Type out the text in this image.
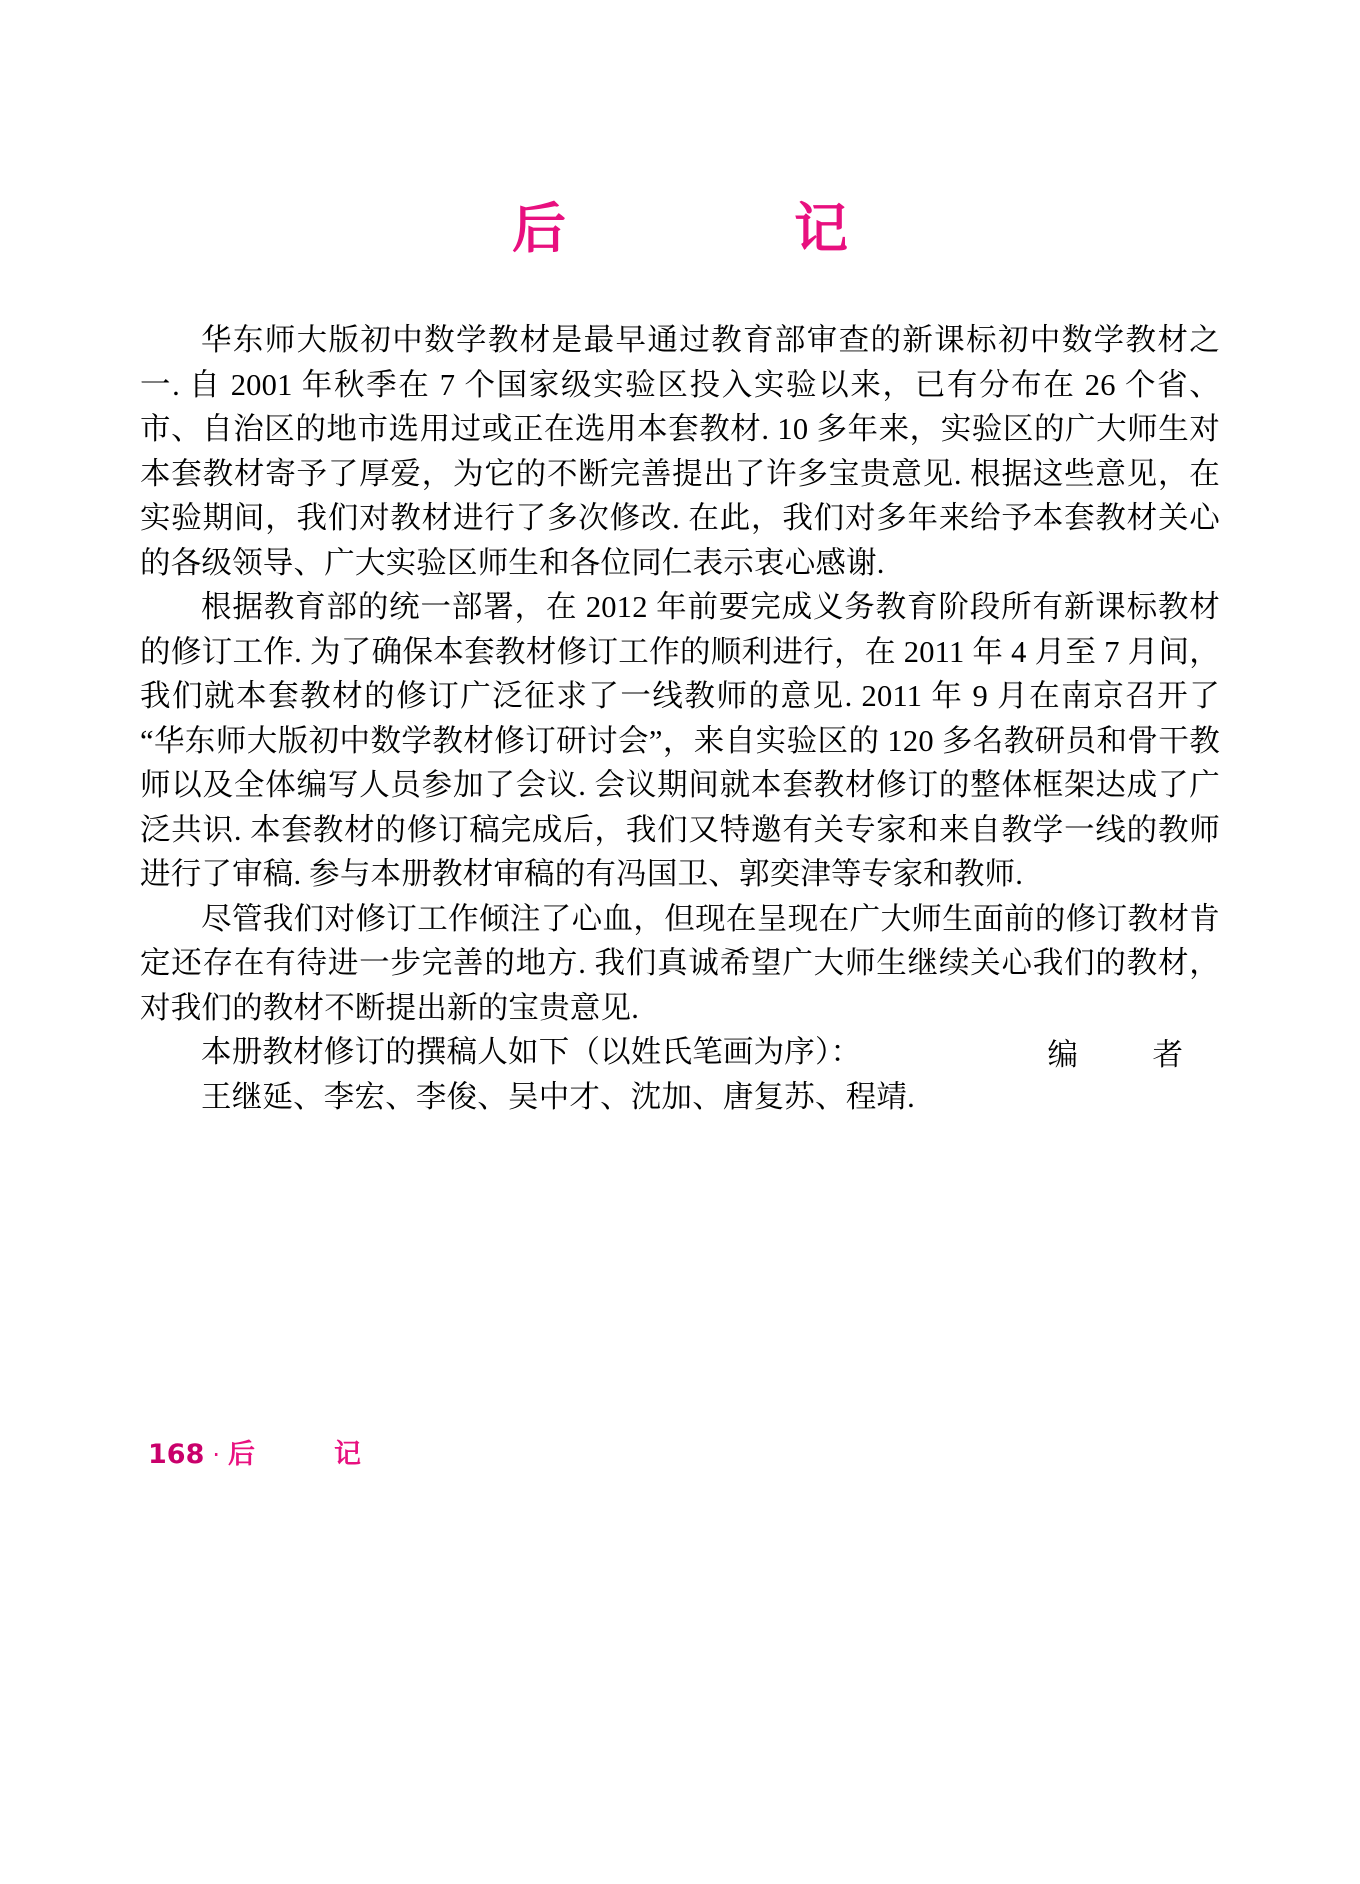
后　　记

华东师大版初中数学教材是最早通过教育部审查的新课标初中数学教材之一. 自 2001 年秋季在 7 个国家级实验区投入实验以来，已有分布在 26 个省、市、自治区的地市选用过或正在选用本套教材. 10 多年来，实验区的广大师生对本套教材寄予了厚爱，为它的不断完善提出了许多宝贵意见. 根据这些意见，在实验期间，我们对教材进行了多次修改. 在此，我们对多年来给予本套教材关心的各级领导、广大实验区师生和各位同仁表示衷心感谢.

根据教育部的统一部署，在 2012 年前要完成义务教育阶段所有新课标教材的修订工作. 为了确保本套教材修订工作的顺利进行，在 2011 年 4 月至 7 月间，我们就本套教材的修订广泛征求了一线教师的意见. 2011 年 9 月在南京召开了“华东师大版初中数学教材修订研讨会”，来自实验区的 120 多名教研员和骨干教师以及全体编写人员参加了会议. 会议期间就本套教材修订的整体框架达成了广泛共识. 本套教材的修订稿完成后，我们又特邀有关专家和来自教学一线的教师进行了审稿. 参与本册教材审稿的有冯国卫、郭奕津等专家和教师.

尽管我们对修订工作倾注了心血，但现在呈现在广大师生面前的修订教材肯定还存在有待进一步完善的地方. 我们真诚希望广大师生继续关心我们的教材，对我们的教材不断提出新的宝贵意见.

本册教材修订的撰稿人如下（以姓氏笔画为序）：

王继延、李宏、李俊、吴中才、沈加、唐复苏、程靖.

编　者
168 · 后　记
